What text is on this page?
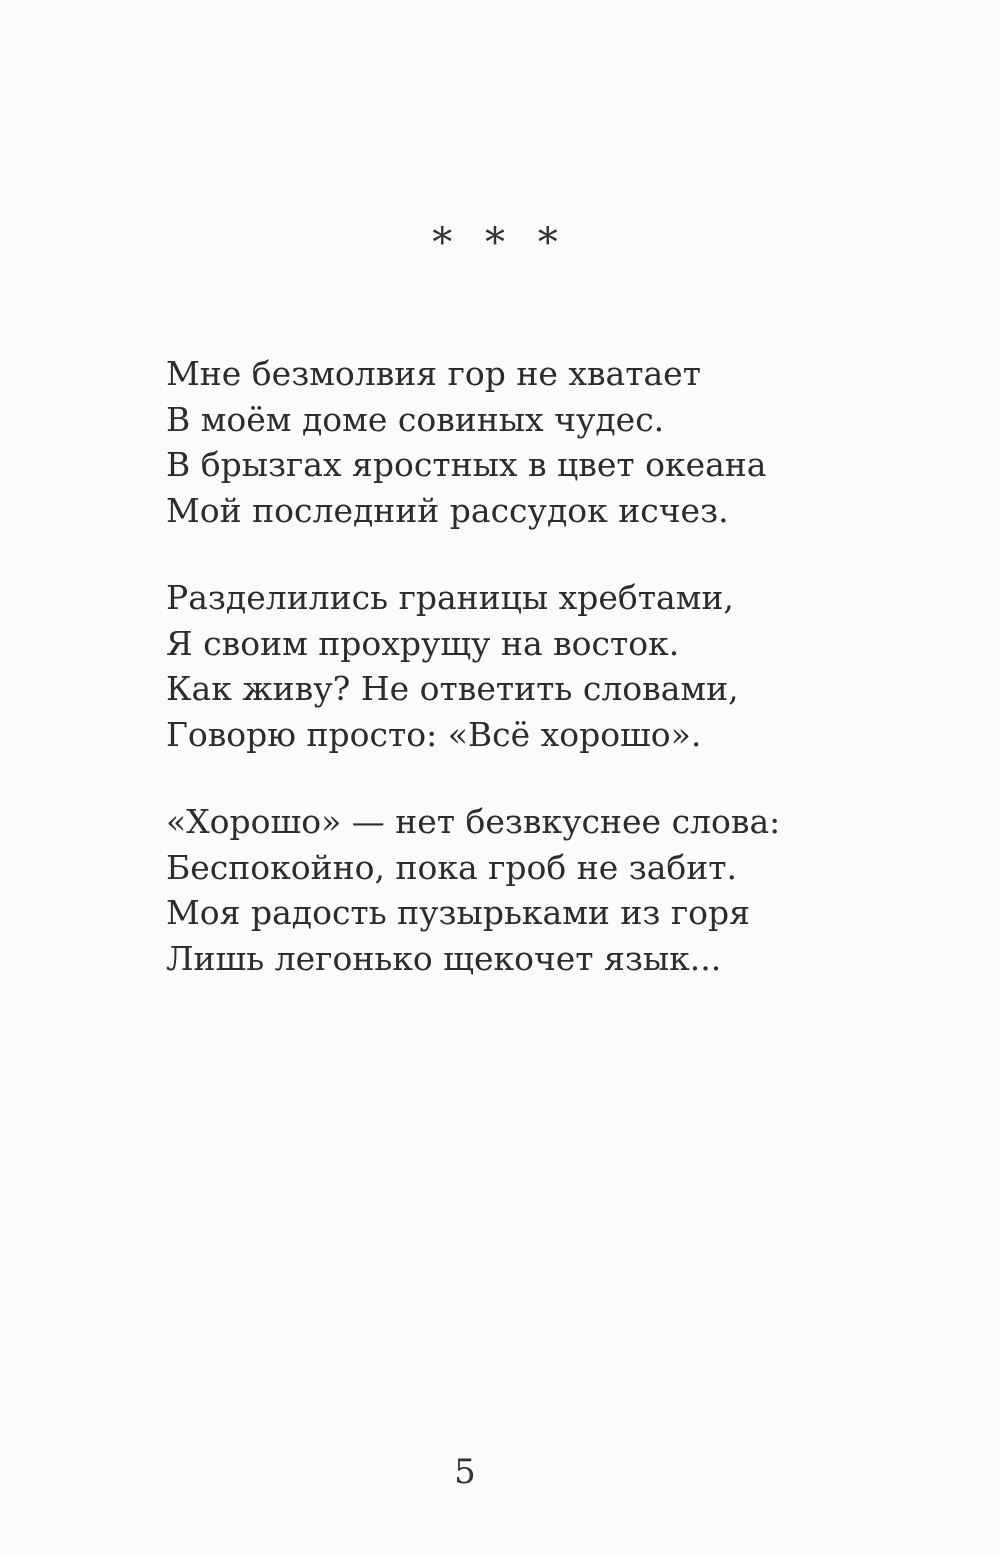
* * *
Мне безмолвия гор не хватает
В моём доме совиных чудес.
В брызгах яростных в цвет океана
Мой последний рассудок исчез.
Разделились границы хребтами,
Я своим прохрущу на восток.
Как живу? Не ответить словами,
Говорю просто: «Всё хорошо».
«Хорошо» — нет безвкуснее слова:
Беспокойно, пока гроб не забит.
Моя радость пузырьками из горя
Лишь легонько щекочет язык...
5
